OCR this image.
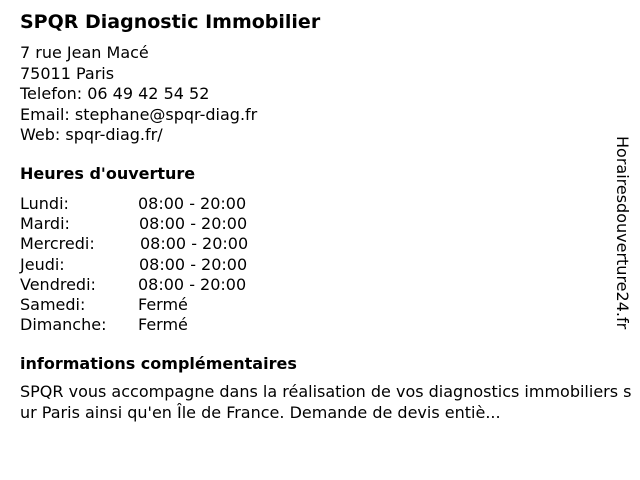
SPQR Diagnostic Immobilier
7 rue Jean Macé
75011 Paris
Telefon: 06 49 42 54 52
Email: stephane@spqr-diag.fr
Web: spqr-diag.fr/
Heures d'ouverture
Lundi:	08:00 - 20:00
Mardi:	08:00 - 20:00
Mercredi:	08:00 - 20:00
Jeudi:	08:00 - 20:00
Vendredi:	08:00 - 20:00
Samedi:	Fermé
Dimanche: Fermé
informations complémentaires
SPQR vous accompagne dans la réalisation de vos diagnostics immobiliers sur Paris ainsi qu'en Île de France. Demande de devis entiè...
Horairesdouverture24.fr
